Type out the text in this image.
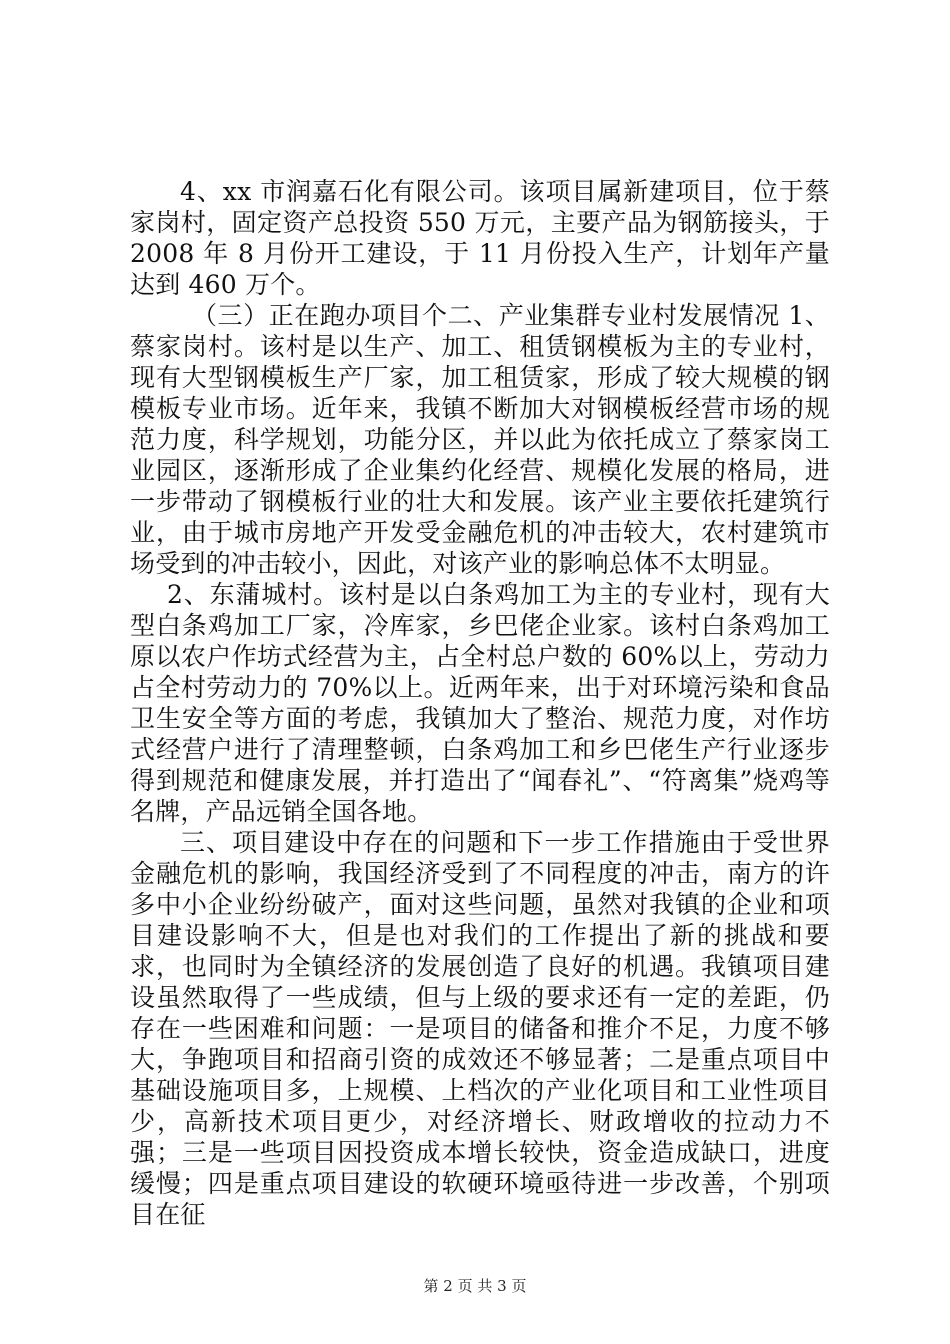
4、xx 市润嘉石化有限公司。该项目属新建项目，位于蔡家岗村，固定资产总投资 550 万元，主要产品为钢筋接头，于 2008 年 8 月份开工建设，于 11 月份投入生产，计划年产量达到 460 万个。

（三）正在跑办项目个二、产业集群专业村发展情况 1、蔡家岗村。该村是以生产、加工、租赁钢模板为主的专业村，现有大型钢模板生产厂家，加工租赁家，形成了较大规模的钢模板专业市场。近年来，我镇不断加大对钢模板经营市场的规范力度，科学规划，功能分区，并以此为依托成立了蔡家岗工业园区，逐渐形成了企业集约化经营、规模化发展的格局，进一步带动了钢模板行业的壮大和发展。该产业主要依托建筑行业，由于城市房地产开发受金融危机的冲击较大，农村建筑市场受到的冲击较小，因此，对该产业的影响总体不太明显。

2、东蒲城村。该村是以白条鸡加工为主的专业村，现有大型白条鸡加工厂家，冷库家，乡巴佬企业家。该村白条鸡加工原以农户作坊式经营为主，占全村总户数的 60%以上，劳动力占全村劳动力的 70%以上。近两年来，出于对环境污染和食品卫生安全等方面的考虑，我镇加大了整治、规范力度，对作坊式经营户进行了清理整顿，白条鸡加工和乡巴佬生产行业逐步得到规范和健康发展，并打造出了“闻春礼”、“符离集”烧鸡等名牌，产品远销全国各地。

三、项目建设中存在的问题和下一步工作措施由于受世界金融危机的影响，我国经济受到了不同程度的冲击，南方的许多中小企业纷纷破产，面对这些问题，虽然对我镇的企业和项目建设影响不大，但是也对我们的工作提出了新的挑战和要求，也同时为全镇经济的发展创造了良好的机遇。我镇项目建设虽然取得了一些成绩，但与上级的要求还有一定的差距，仍存在一些困难和问题：一是项目的储备和推介不足，力度不够大，争跑项目和招商引资的成效还不够显著；二是重点项目中基础设施项目多，上规模、上档次的产业化项目和工业性项目少，高新技术项目更少，对经济增长、财政增收的拉动力不强；三是一些项目因投资成本增长较快，资金造成缺口，进度缓慢；四是重点项目建设的软硬环境亟待进一步改善，个别项目在征

第 2 页 共 3 页
